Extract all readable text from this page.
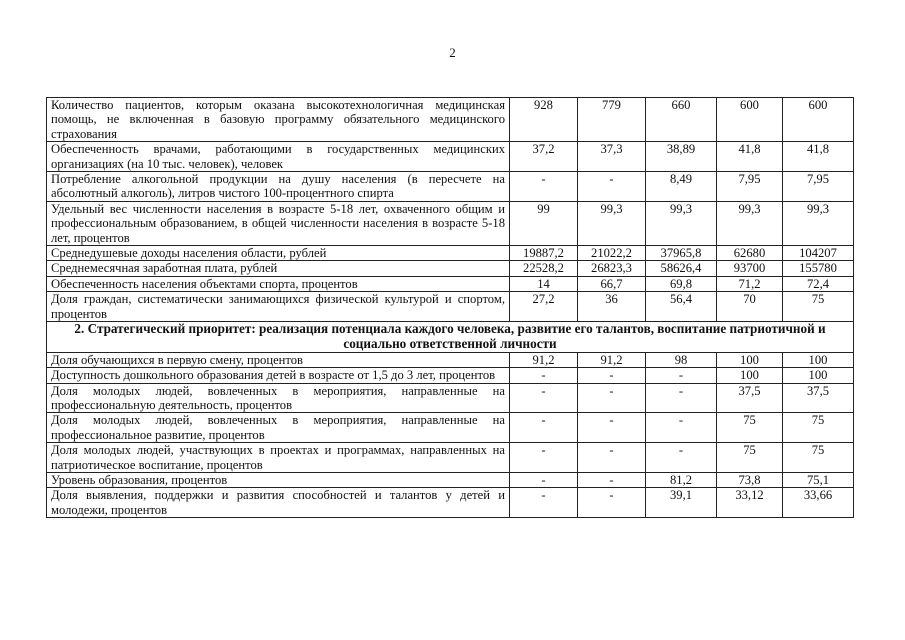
2
Количество пациентов, которым оказана высокотехнологичная медицинская помощь, не включенная в базовую программу обязательного медицинского страхования	928	779	660	600	600
Обеспеченность врачами, работающими в государственных медицинских организациях (на 10 тыс. человек), человек	37,2	37,3	38,89	41,8	41,8
Потребление алкогольной продукции на душу населения (в пересчете на абсолютный алкоголь), литров чистого 100-процентного спирта	-	-	8,49	7,95	7,95
Удельный вес численности населения в возрасте 5-18 лет, охваченного общим и профессиональным образованием, в общей численности населения в возрасте 5-18 лет, процентов	99	99,3	99,3	99,3	99,3
Среднедушевые доходы населения области, рублей	19887,2	21022,2	37965,8	62680	104207
Среднемесячная заработная плата, рублей	22528,2	26823,3	58626,4	93700	155780
Обеспеченность населения объектами спорта, процентов	14	66,7	69,8	71,2	72,4
Доля граждан, систематически занимающихся физической культурой и спортом, процентов	27,2	36	56,4	70	75
2. Стратегический приоритет: реализация потенциала каждого человека, развитие его талантов, воспитание патриотичной и социально ответственной личности					
Доля обучающихся в первую смену, процентов	91,2	91,2	98	100	100
Доступность дошкольного образования детей в возрасте от 1,5 до 3 лет, процентов	-	-	-	100	100
Доля молодых людей, вовлеченных в мероприятия, направленные на профессиональную деятельность, процентов	-	-	-	37,5	37,5
Доля молодых людей, вовлеченных в мероприятия, направленные на профессиональное развитие, процентов	-	-	-	75	75
Доля молодых людей, участвующих в проектах и программах, направленных на патриотическое воспитание, процентов	-	-	-	75	75
Уровень образования, процентов	-	-	81,2	73,8	75,1
Доля выявления, поддержки и развития способностей и талантов у детей и молодежи, процентов	-	-	39,1	33,12	33,66
